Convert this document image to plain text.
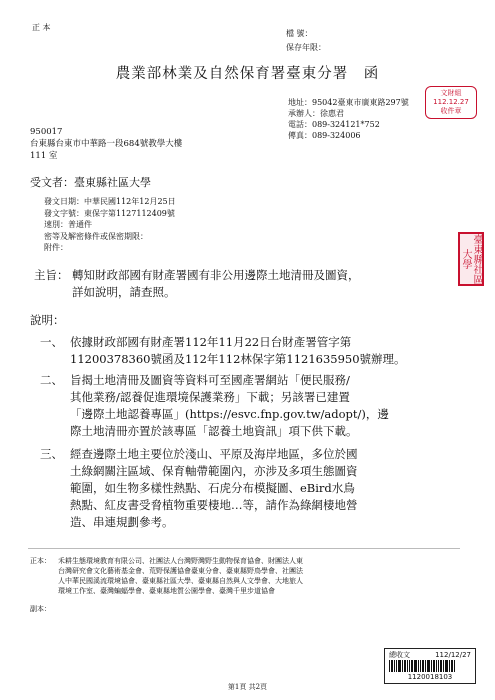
正 本
檔 號：
保存年限：
農業部林業及自然保育署臺東分署　函
文財組
112.12.27
收件章
地址：95042臺東市廣東路297號
承辦人：徐惠君
電話：089-324121*752
傳真：089-324006
950017
台東縣台東市中華路一段684號教學大樓
111 室
受文者：臺東縣社區大學
發文日期：中華民國112年12月25日
發文字號：東保字第1127112409號
速別：普通件
密等及解密條件或保密期限：
附件：	臺東縣社區大學
主旨： 轉知財政部國有財產署國有非公用邊際土地清冊及圖資，
詳如說明，請查照。
說明：
一、 依據財政部國有財產署112年11月22日台財產署管字第
11200378360號函及112年112林保字第1121635950號辦理。
二、 旨揭土地清冊及圖資等資料可至國產署網站「便民服務/
其他業務/認養促進環境保護業務」下載；另該署已建置
「邊際土地認養專區」(https://esvc.fnp.gov.tw/adopt/)，邊
際土地清冊亦置於該專區「認養土地資訊」項下供下載。
三、 經查邊際土地主要位於淺山、平原及海岸地區，多位於國
土綠網關注區域、保育軸帶範圍內，亦涉及多項生態圖資
範圍，如生物多樣性熱點、石虎分布模擬圖、eBird水鳥
熱點、紅皮書受脅植物重要棲地…等，請作為綠網棲地營
造、串連規劃參考。
正本： 禾耕生態環境教育有限公司、社團法人台灣野灣野生動物保育協會、財團法人東
台灣研究會文化藝術基金會、荒野保護協會臺東分會、臺東縣野鳥學會、社團法
人中華民國溪流環境協會、臺東縣社區大學、臺東縣自然與人文學會、大地旅人
環境工作室、臺灣蝙蝠學會、臺東縣地質公園學會、臺灣千里步道協會
副本：
總收文	112/12/27
1120018103
第1頁 共2頁
